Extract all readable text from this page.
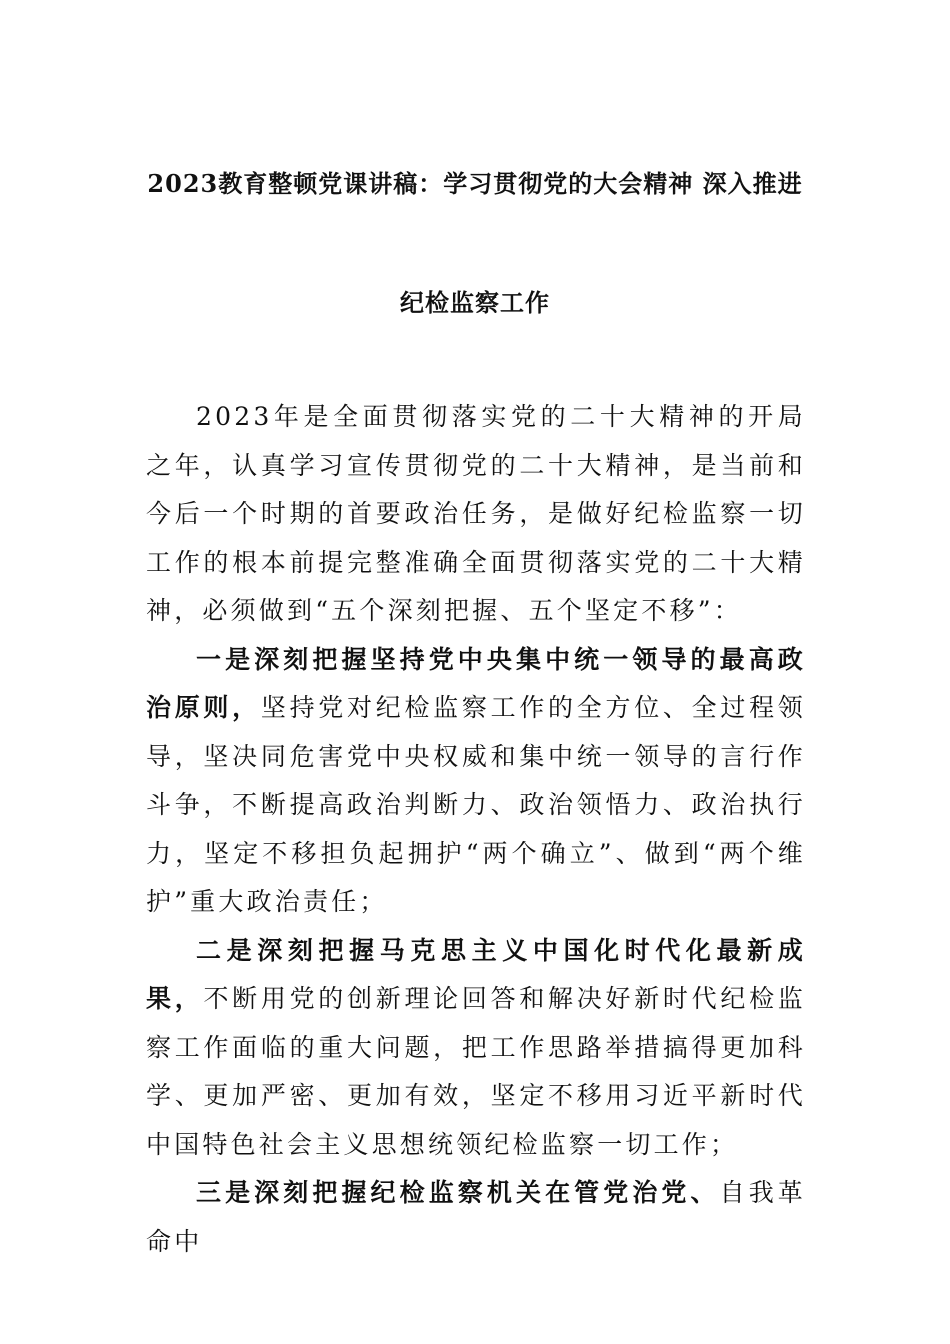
2023教育整顿党课讲稿：学习贯彻党的大会精神 深入推进
纪检监察工作

2023年是全面贯彻落实党的二十大精神的开局之年，认真学习宣传贯彻党的二十大精神，是当前和今后一个时期的首要政治任务，是做好纪检监察一切工作的根本前提完整准确全面贯彻落实党的二十大精神，必须做到“五个深刻把握、五个坚定不移”：

一是深刻把握坚持党中央集中统一领导的最高政治原则，坚持党对纪检监察工作的全方位、全过程领导，坚决同危害党中央权威和集中统一领导的言行作斗争，不断提高政治判断力、政治领悟力、政治执行力，坚定不移担负起拥护“两个确立”、做到“两个维护”重大政治责任；

二是深刻把握马克思主义中国化时代化最新成果，不断用党的创新理论回答和解决好新时代纪检监察工作面临的重大问题，把工作思路举措搞得更加科学、更加严密、更加有效，坚定不移用习近平新时代中国特色社会主义思想统领纪检监察一切工作；

三是深刻把握纪检监察机关在管党治党、自我革命中
